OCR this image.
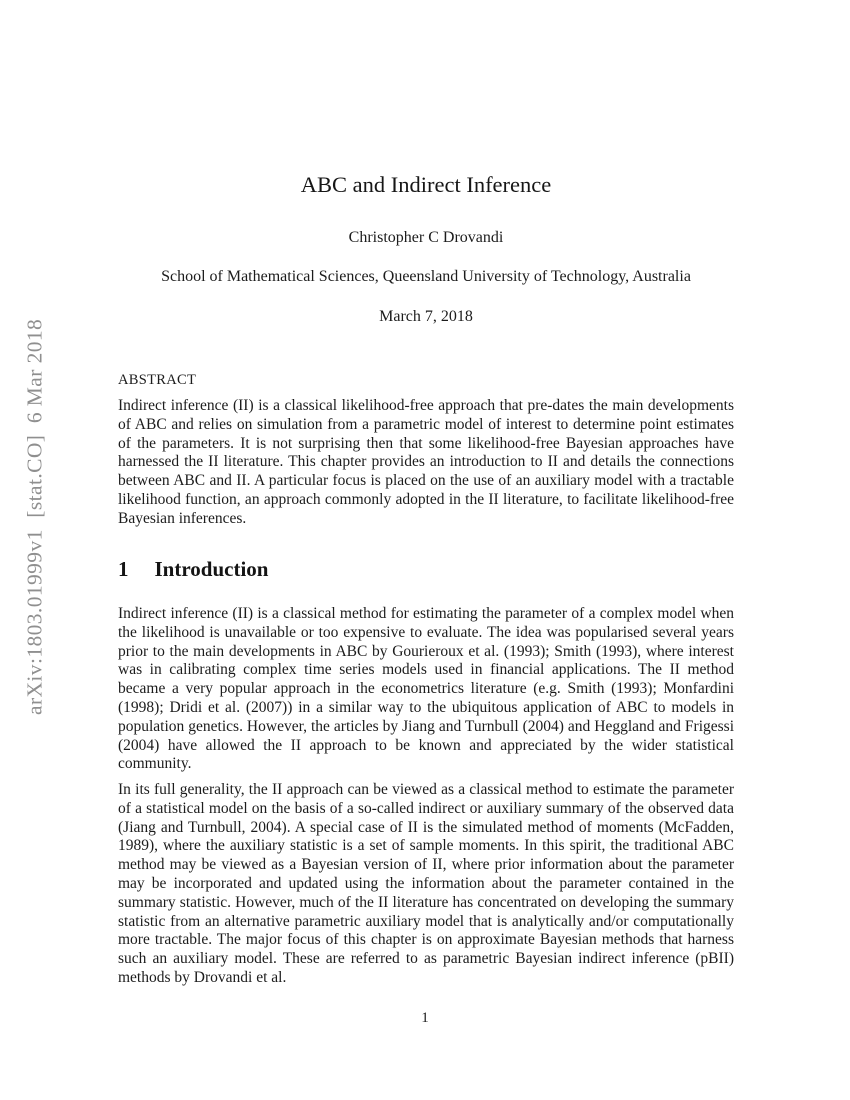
arXiv:1803.01999v1  [stat.CO]  6 Mar 2018
ABC and Indirect Inference
Christopher C Drovandi
School of Mathematical Sciences, Queensland University of Technology, Australia
March 7, 2018
ABSTRACT
Indirect inference (II) is a classical likelihood-free approach that pre-dates the main developments of ABC and relies on simulation from a parametric model of interest to determine point estimates of the parameters. It is not surprising then that some likelihood-free Bayesian approaches have harnessed the II literature. This chapter provides an introduction to II and details the connections between ABC and II. A particular focus is placed on the use of an auxiliary model with a tractable likelihood function, an approach commonly adopted in the II literature, to facilitate likelihood-free Bayesian inferences.
1 Introduction
Indirect inference (II) is a classical method for estimating the parameter of a complex model when the likelihood is unavailable or too expensive to evaluate. The idea was popularised several years prior to the main developments in ABC by Gourieroux et al. (1993); Smith (1993), where interest was in calibrating complex time series models used in financial applications. The II method became a very popular approach in the econometrics literature (e.g. Smith (1993); Monfardini (1998); Dridi et al. (2007)) in a similar way to the ubiquitous application of ABC to models in population genetics. However, the articles by Jiang and Turnbull (2004) and Heggland and Frigessi (2004) have allowed the II approach to be known and appreciated by the wider statistical community.
In its full generality, the II approach can be viewed as a classical method to estimate the parameter of a statistical model on the basis of a so-called indirect or auxiliary summary of the observed data (Jiang and Turnbull, 2004). A special case of II is the simulated method of moments (McFadden, 1989), where the auxiliary statistic is a set of sample moments. In this spirit, the traditional ABC method may be viewed as a Bayesian version of II, where prior information about the parameter may be incorporated and updated using the information about the parameter contained in the summary statistic. However, much of the II literature has concentrated on developing the summary statistic from an alternative parametric auxiliary model that is analytically and/or computationally more tractable. The major focus of this chapter is on approximate Bayesian methods that harness such an auxiliary model. These are referred to as parametric Bayesian indirect inference (pBII) methods by Drovandi et al.
1
